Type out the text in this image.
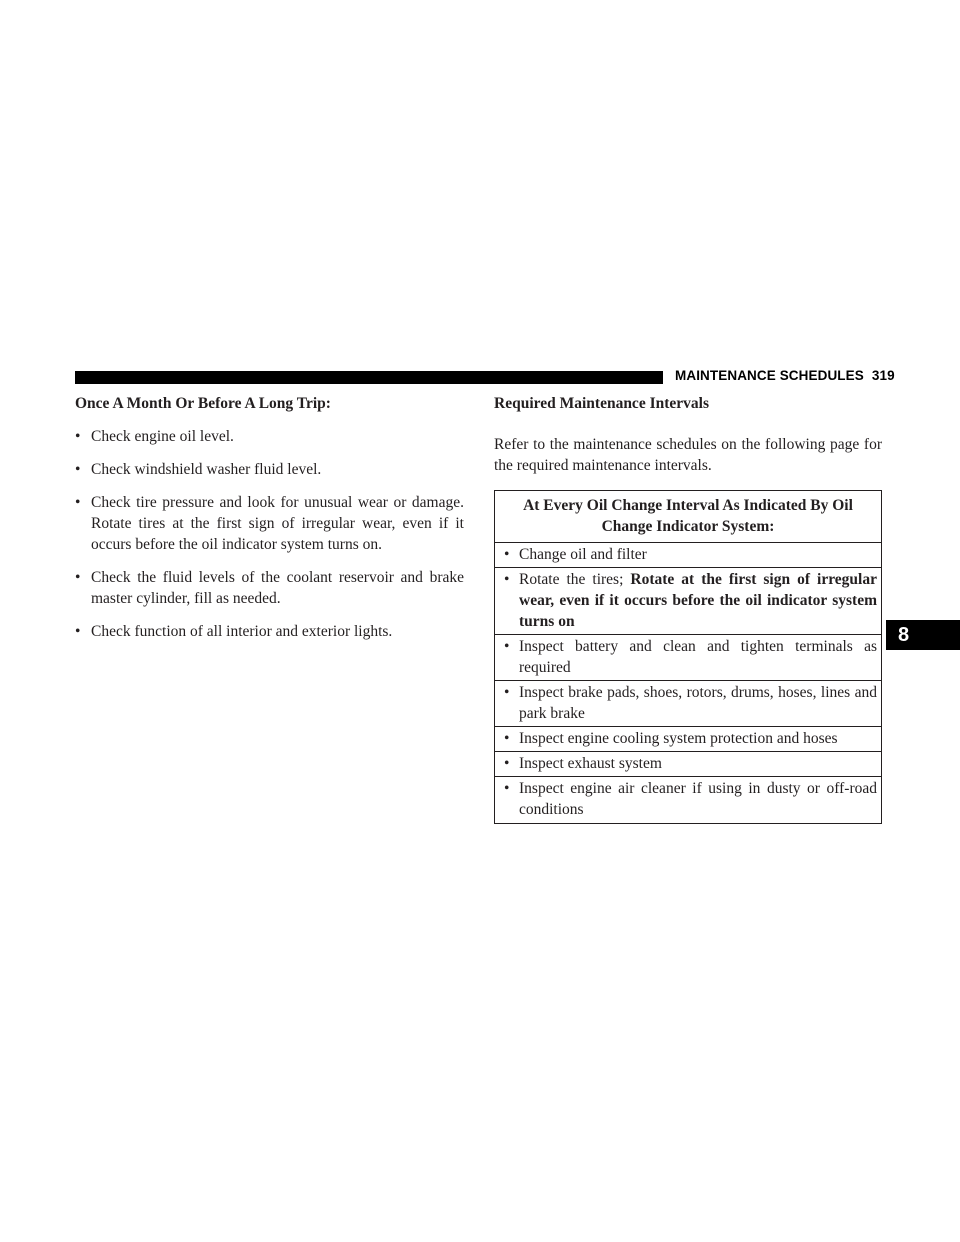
MAINTENANCE SCHEDULES 319
8

Once A Month Or Before A Long Trip:

• Check engine oil level.
• Check windshield washer fluid level.
• Check tire pressure and look for unusual wear or damage. Rotate tires at the first sign of irregular wear, even if it occurs before the oil indicator system turns on.
• Check the fluid levels of the coolant reservoir and brake master cylinder, fill as needed.
• Check function of all interior and exterior lights.

Required Maintenance Intervals

Refer to the maintenance schedules on the following page for the required maintenance intervals.

At Every Oil Change Interval As Indicated By Oil Change Indicator System:
• Change oil and filter
• Rotate the tires; Rotate at the first sign of irregular wear, even if it occurs before the oil indicator system turns on
• Inspect battery and clean and tighten terminals as required
• Inspect brake pads, shoes, rotors, drums, hoses, lines and park brake
• Inspect engine cooling system protection and hoses
• Inspect exhaust system
• Inspect engine air cleaner if using in dusty or off-road conditions
